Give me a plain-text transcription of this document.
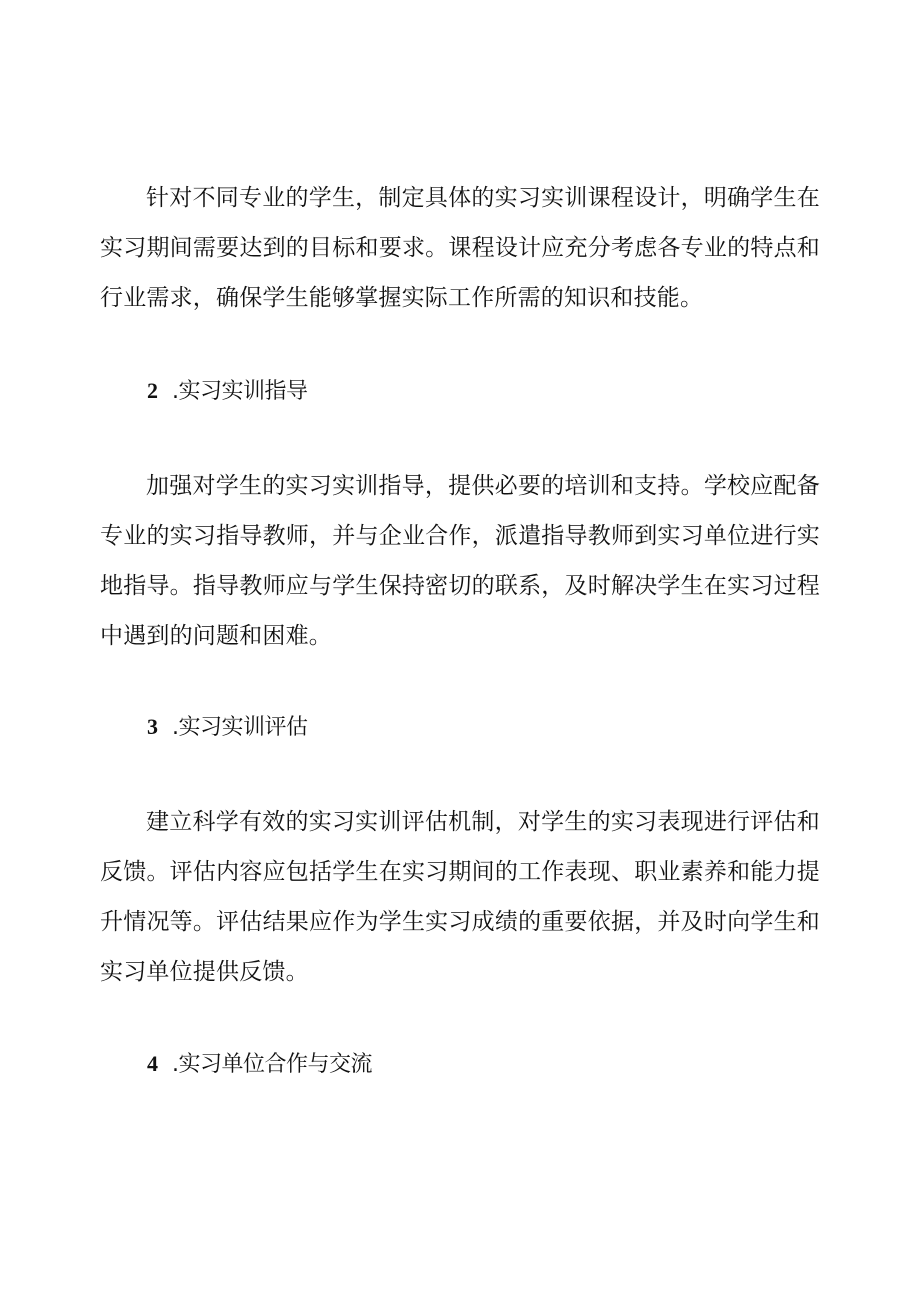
针对不同专业的学生，制定具体的实习实训课程设计，明确学生在实习期间需要达到的目标和要求。课程设计应充分考虑各专业的特点和行业需求，确保学生能够掌握实际工作所需的知识和技能。

2 .实习实训指导

加强对学生的实习实训指导，提供必要的培训和支持。学校应配备专业的实习指导教师，并与企业合作，派遣指导教师到实习单位进行实地指导。指导教师应与学生保持密切的联系，及时解决学生在实习过程中遇到的问题和困难。

3 .实习实训评估

建立科学有效的实习实训评估机制，对学生的实习表现进行评估和反馈。评估内容应包括学生在实习期间的工作表现、职业素养和能力提升情况等。评估结果应作为学生实习成绩的重要依据，并及时向学生和实习单位提供反馈。

4 .实习单位合作与交流
